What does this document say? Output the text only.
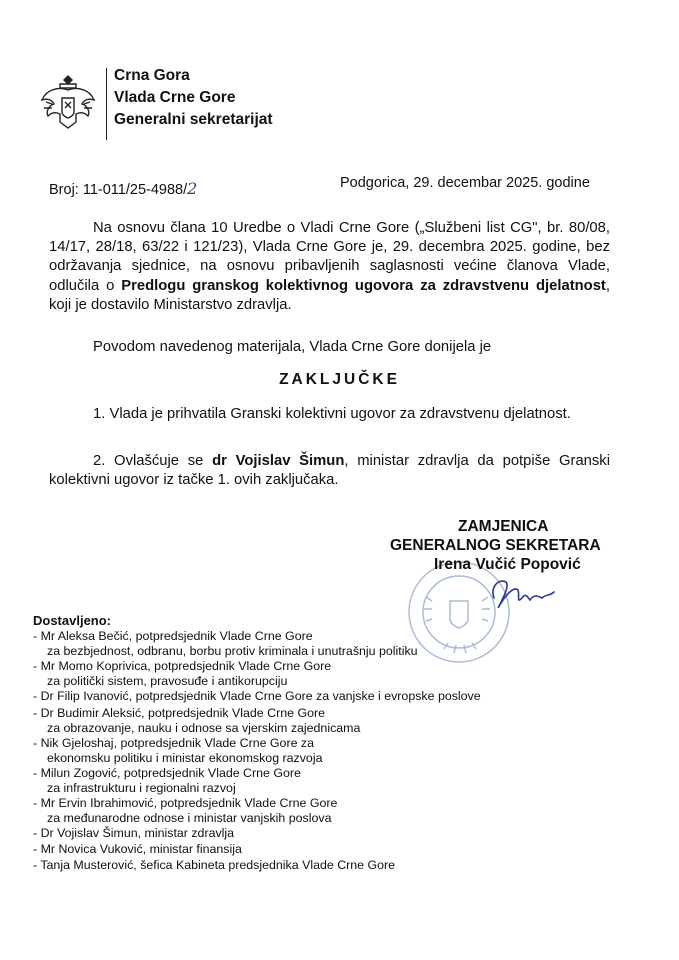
Crna Gora
Vlada Crne Gore
Generalni sekretarijat
Broj: 11-011/25-4988/2	Podgorica, 29. decembar 2025. godine
Na osnovu člana 10 Uredbe o Vladi Crne Gore („Službeni list CG", br. 80/08, 14/17, 28/18, 63/22 i 121/23), Vlada Crne Gore je, 29. decembra 2025. godine, bez održavanja sjednice, na osnovu pribavljenih saglasnosti većine članova Vlade, odlučila o Predlogu granskog kolektivnog ugovora za zdravstvenu djelatnost, koji je dostavilo Ministarstvo zdravlja.
Povodom navedenog materijala, Vlada Crne Gore donijela je
ZAKLJUČKE
1. Vlada je prihvatila Granski kolektivni ugovor za zdravstvenu djelatnost.
2. Ovlašćuje se dr Vojislav Šimun, ministar zdravlja da potpiše Granski kolektivni ugovor iz tačke 1. ovih zaključaka.
ZAMJENICA
GENERALNOG SEKRETARA
Irena Vučić Popović
Dostavljeno:
- Mr Aleksa Bečić, potpredsjednik Vlade Crne Gore
za bezbjednost, odbranu, borbu protiv kriminala i unutrašnju politiku
- Mr Momo Koprivica, potpredsjednik Vlade Crne Gore
za politički sistem, pravosuđe i antikorupciju
- Dr Filip Ivanović, potpredsjednik Vlade Crne Gore za vanjske i evropske poslove
- Dr Budimir Aleksić, potpredsjednik Vlade Crne Gore
za obrazovanje, nauku i odnose sa vjerskim zajednicama
- Nik Gjeloshaj, potpredsjednik Vlade Crne Gore za
ekonomsku politiku i ministar ekonomskog razvoja
- Milun Zogović, potpredsjednik Vlade Crne Gore
za infrastrukturu i regionalni razvoj
- Mr Ervin Ibrahimović, potpredsjednik Vlade Crne Gore
za međunarodne odnose i ministar vanjskih poslova
- Dr Vojislav Šimun, ministar zdravlja
- Mr Novica Vuković, ministar finansija
- Tanja Musterović, šefica Kabineta predsjednika Vlade Crne Gore
